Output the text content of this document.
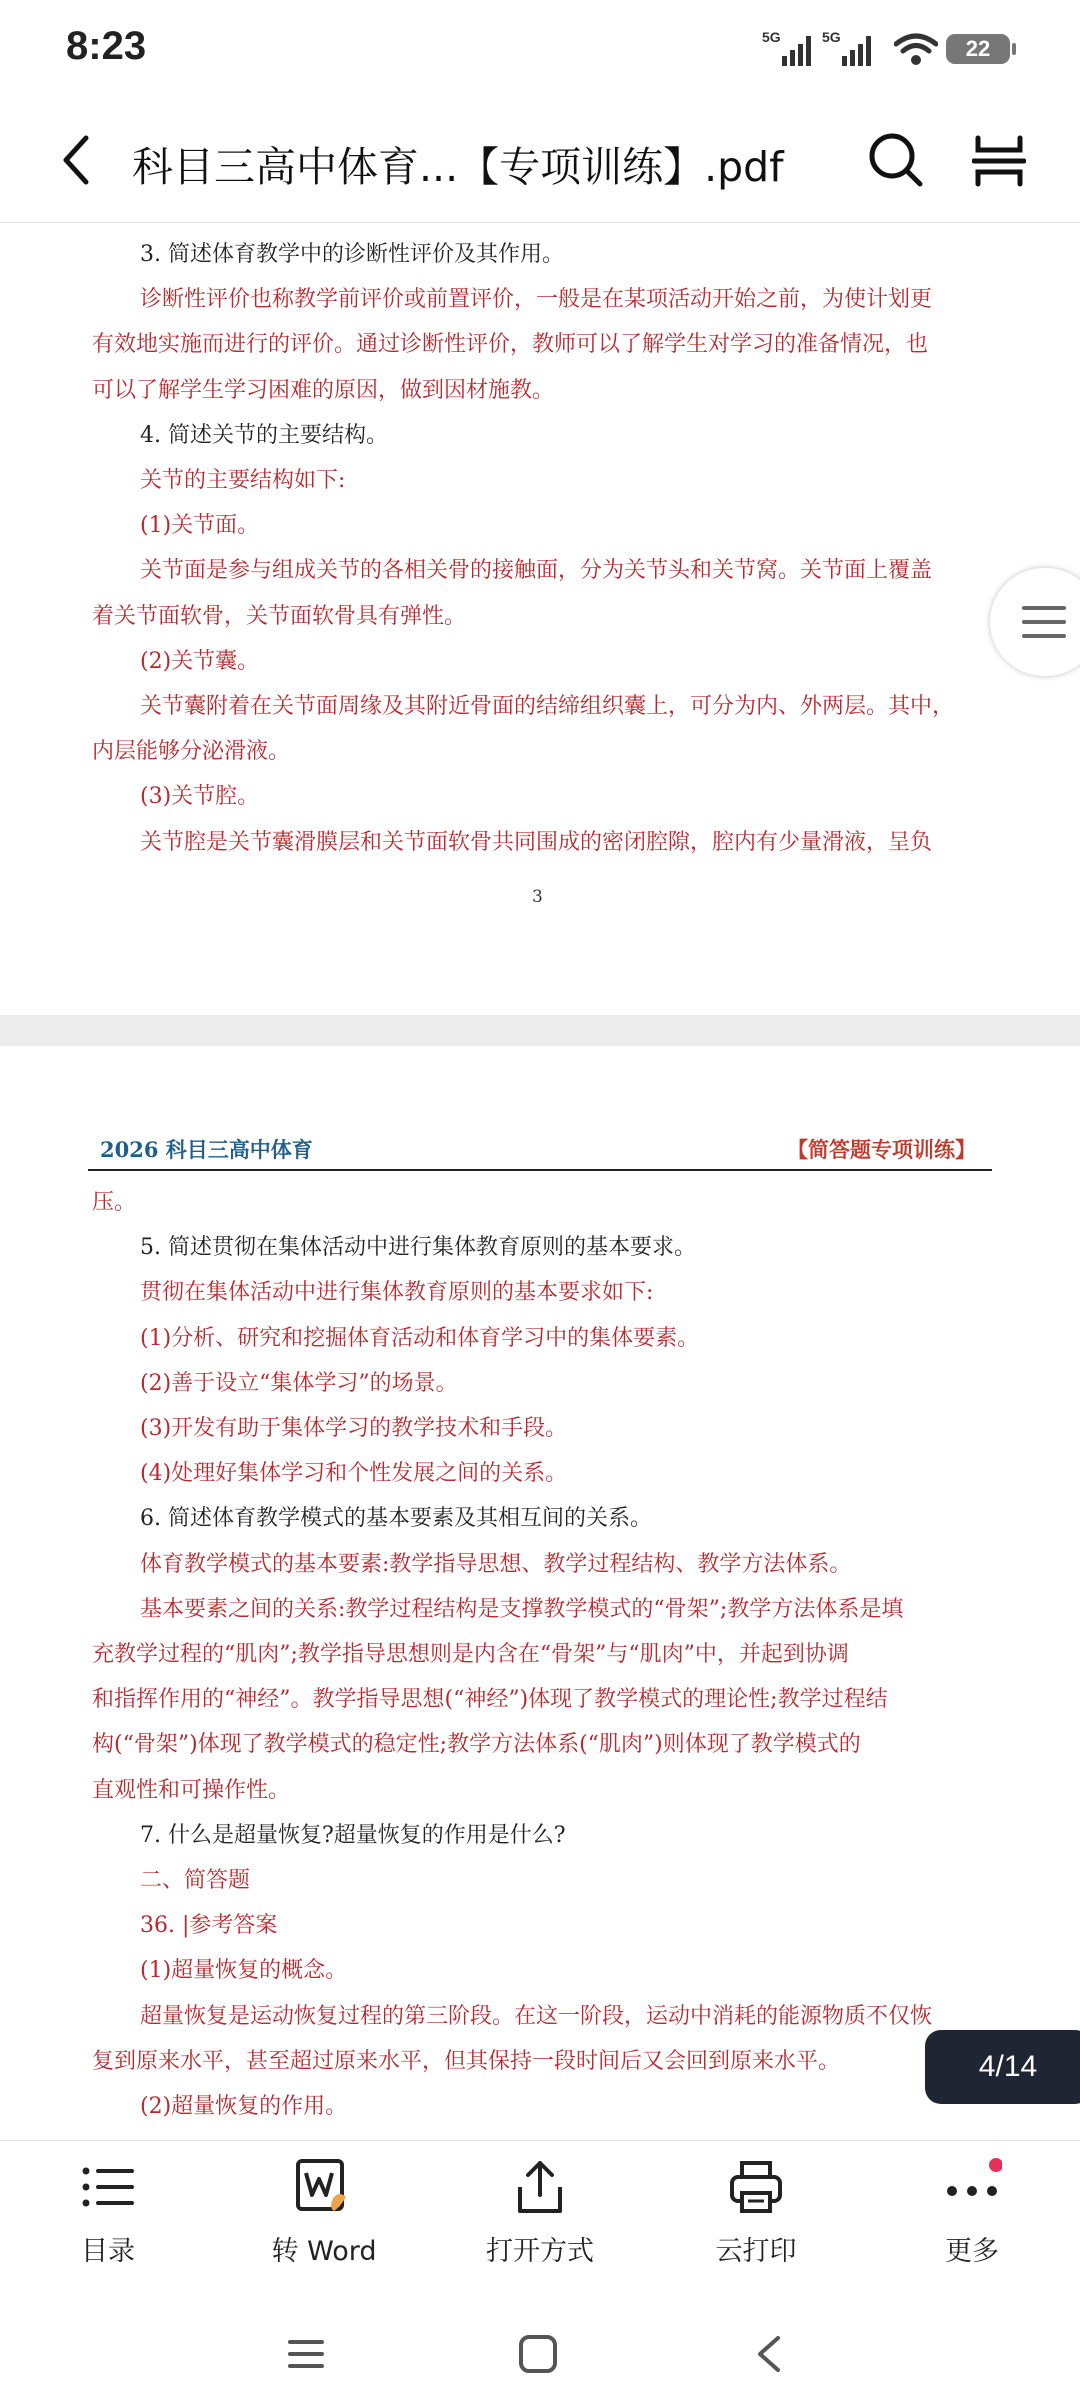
8:23	5G	5G	22
科目三高中体育...【专项训练】.pdf
3. 简述体育教学中的诊断性评价及其作用。
诊断性评价也称教学前评价或前置评价，一般是在某项活动开始之前，为使计划更
有效地实施而进行的评价。通过诊断性评价，教师可以了解学生对学习的准备情况，也
可以了解学生学习困难的原因，做到因材施教。
4. 简述关节的主要结构。
关节的主要结构如下:
(1)关节面。
关节面是参与组成关节的各相关骨的接触面，分为关节头和关节窝。关节面上覆盖
着关节面软骨，关节面软骨具有弹性。
(2)关节囊。
关节囊附着在关节面周缘及其附近骨面的结缔组织囊上，可分为内、外两层。其中，
内层能够分泌滑液。
(3)关节腔。
关节腔是关节囊滑膜层和关节面软骨共同围成的密闭腔隙，腔内有少量滑液，呈负
3
2026 科目三高中体育	【简答题专项训练】
压。
5. 简述贯彻在集体活动中进行集体教育原则的基本要求。
贯彻在集体活动中进行集体教育原则的基本要求如下:
(1)分析、研究和挖掘体育活动和体育学习中的集体要素。
(2)善于设立“集体学习”的场景。
(3)开发有助于集体学习的教学技术和手段。
(4)处理好集体学习和个性发展之间的关系。
6. 简述体育教学模式的基本要素及其相互间的关系。
体育教学模式的基本要素:教学指导思想、教学过程结构、教学方法体系。
基本要素之间的关系:教学过程结构是支撑教学模式的“骨架”;教学方法体系是填
充教学过程的“肌肉”;教学指导思想则是内含在“骨架”与“肌肉”中，并起到协调
和指挥作用的“神经”。教学指导思想(“神经”)体现了教学模式的理论性;教学过程结
构(“骨架”)体现了教学模式的稳定性;教学方法体系(“肌肉”)则体现了教学模式的
直观性和可操作性。
7. 什么是超量恢复?超量恢复的作用是什么?
二、简答题
36. |参考答案
(1)超量恢复的概念。
超量恢复是运动恢复过程的第三阶段。在这一阶段，运动中消耗的能源物质不仅恢
复到原来水平，甚至超过原来水平，但其保持一段时间后又会回到原来水平。
(2)超量恢复的作用。
4/14
目录	转 Word	打开方式	云打印	更多
